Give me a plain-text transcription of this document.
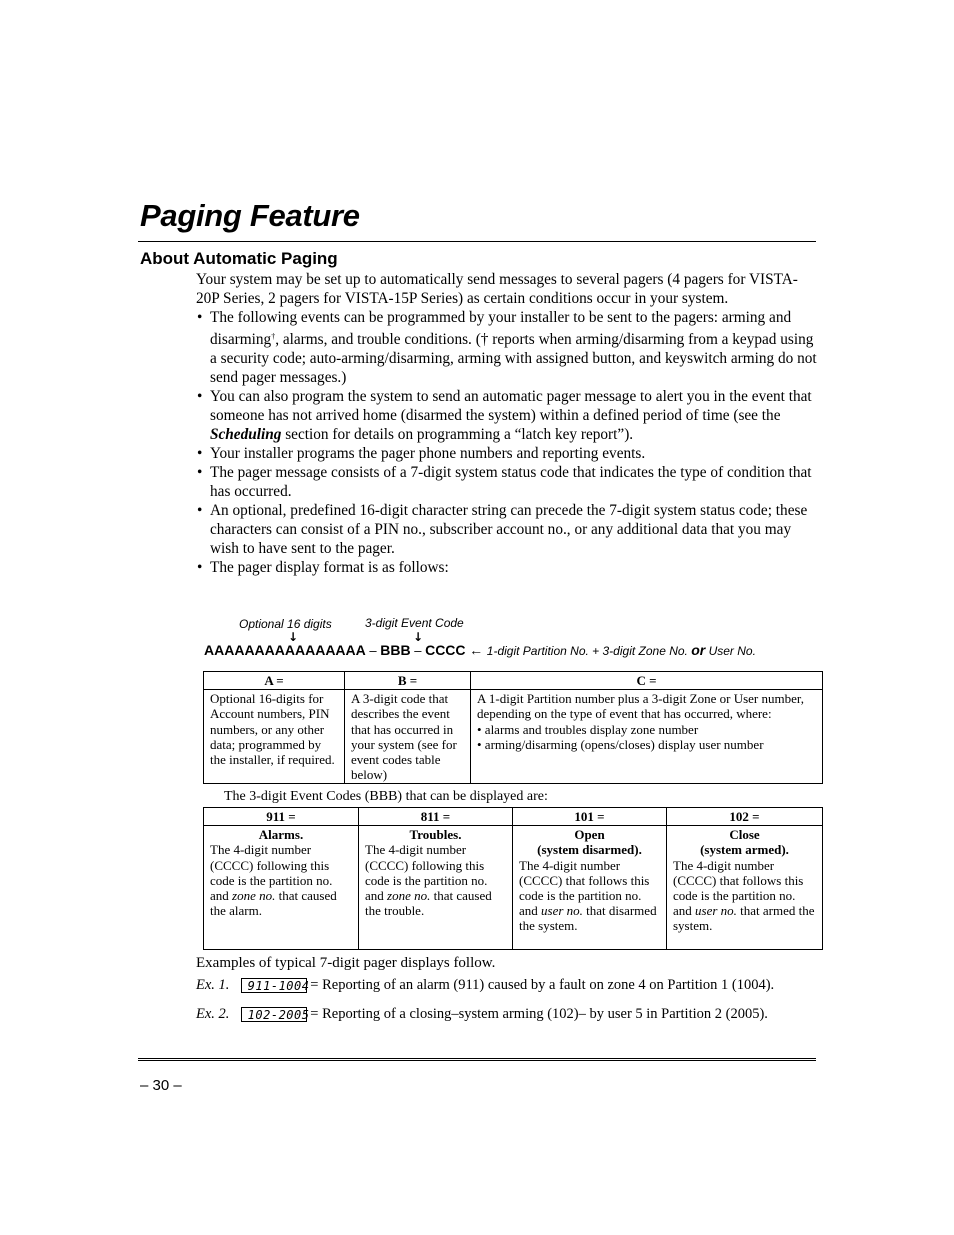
Paging Feature
About Automatic Paging

Your system may be set up to automatically send messages to several pagers (4 pagers for VISTA-20P Series, 2 pagers for VISTA-15P Series) as certain conditions occur in your system.

• The following events can be programmed by your installer to be sent to the pagers: arming and disarming†, alarms, and trouble conditions. († reports when arming/disarming from a keypad using a security code; auto-arming/disarming, arming with assigned button, and keyswitch arming do not send pager messages.)
• You can also program the system to send an automatic pager message to alert you in the event that someone has not arrived home (disarmed the system) within a defined period of time (see the Scheduling section for details on programming a “latch key report”).
• Your installer programs the pager phone numbers and reporting events.
• The pager message consists of a 7-digit system status code that indicates the type of condition that has occurred.
• An optional, predefined 16-digit character string can precede the 7-digit system status code; these characters can consist of a PIN no., subscriber account no., or any additional data that you may wish to have sent to the pager.
• The pager display format is as follows:
Optional 16 digits	3-digit Event Code
↓	↓
AAAAAAAAAAAAAAAA – BBB – CCCC ← 1-digit Partition No. + 3-digit Zone No. or User No.
A =	B =	C =
Optional 16-digits for Account numbers, PIN numbers, or any other data; programmed by the installer, if required.	A 3-digit code that describes the event that has occurred in your system (see for event codes table below)	A 1-digit Partition number plus a 3-digit Zone or User number, depending on the type of event that has occurred, where:
• alarms and troubles display zone number
• arming/disarming (opens/closes) display user number
The 3-digit Event Codes (BBB) that can be displayed are:
911 =	811 =	101 =	102 =

Alarms.
The 4-digit number (CCCC) following this code is the partition no. and zone no. that caused the alarm.	Troubles.
The 4-digit number (CCCC) following this code is the partition no. and zone no. that caused the trouble.	Open
(system disarmed).
The 4-digit number (CCCC) that follows this code is the partition no. and user no. that disarmed the system.	Close
(system armed).
The 4-digit number (CCCC) that follows this code is the partition no. and user no. that armed the system.
Examples of typical 7-digit pager displays follow.
Ex. 1. 911-1004 = Reporting of an alarm (911) caused by a fault on zone 4 on Partition 1 (1004).
Ex. 2. 102-2005 = Reporting of a closing–system arming (102)– by user 5 in Partition 2 (2005).
– 30 –
